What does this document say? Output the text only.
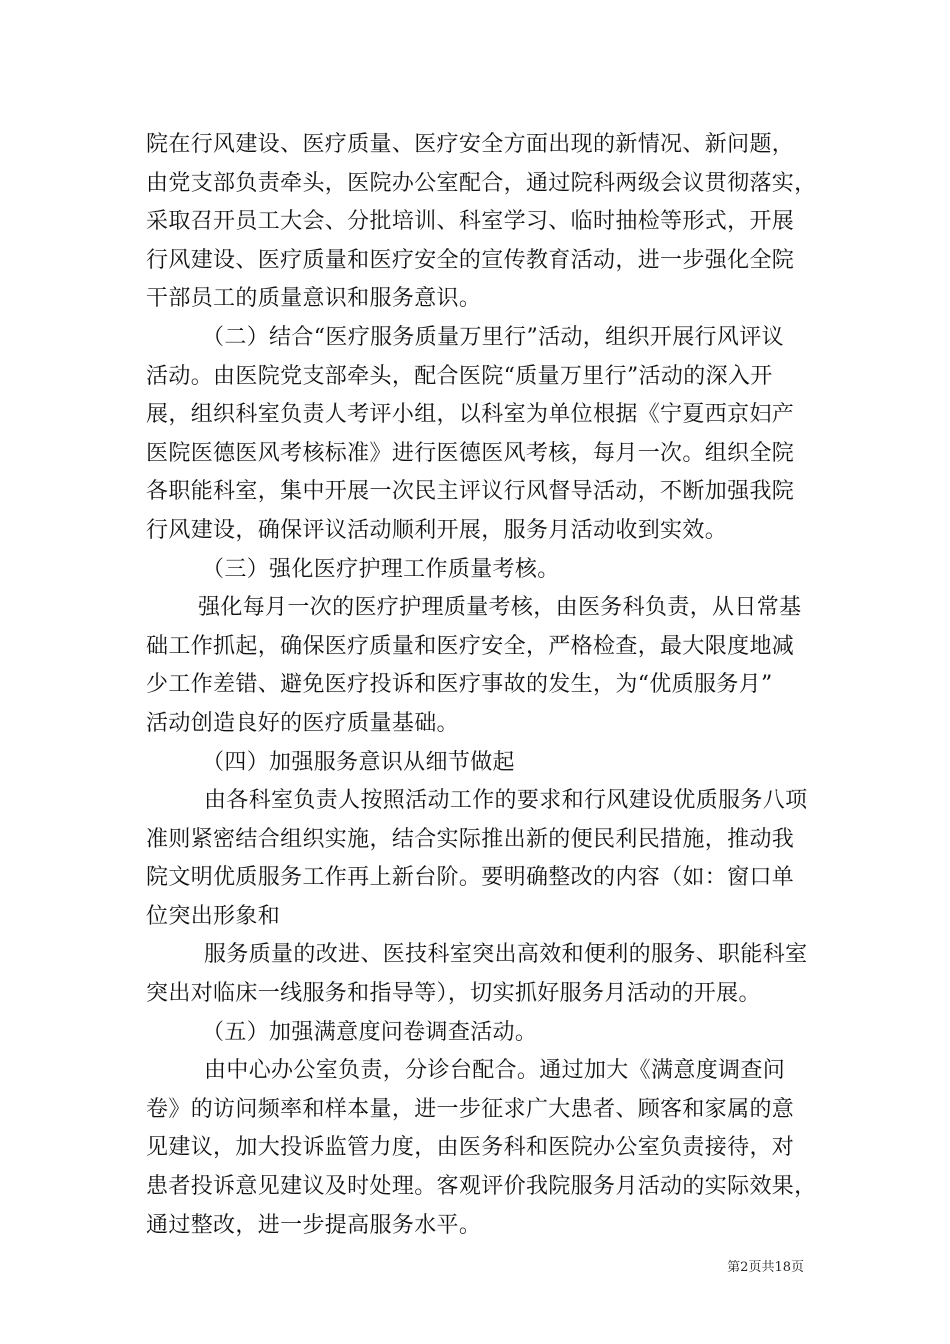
院在行风建设、医疗质量、医疗安全方面出现的新情况、新问题，
由党支部负责牵头，医院办公室配合，通过院科两级会议贯彻落实，
采取召开员工大会、分批培训、科室学习、临时抽检等形式，开展
行风建设、医疗质量和医疗安全的宣传教育活动，进一步强化全院
干部员工的质量意识和服务意识。
（二）结合“医疗服务质量万里行”活动，组织开展行风评议
活动。由医院党支部牵头，配合医院“质量万里行”活动的深入开
展，组织科室负责人考评小组，以科室为单位根据《宁夏西京妇产
医院医德医风考核标准》进行医德医风考核，每月一次。组织全院
各职能科室，集中开展一次民主评议行风督导活动，不断加强我院
行风建设，确保评议活动顺利开展，服务月活动收到实效。
（三）强化医疗护理工作质量考核。
强化每月一次的医疗护理质量考核，由医务科负责，从日常基
础工作抓起，确保医疗质量和医疗安全，严格检查，最大限度地减
少工作差错、避免医疗投诉和医疗事故的发生，为“优质服务月”
活动创造良好的医疗质量基础。
（四）加强服务意识从细节做起
由各科室负责人按照活动工作的要求和行风建设优质服务八项
准则紧密结合组织实施，结合实际推出新的便民利民措施，推动我
院文明优质服务工作再上新台阶。要明确整改的内容（如：窗口单
位突出形象和
服务质量的改进、医技科室突出高效和便利的服务、职能科室
突出对临床一线服务和指导等），切实抓好服务月活动的开展。
（五）加强满意度问卷调查活动。
由中心办公室负责，分诊台配合。通过加大《满意度调查问
卷》的访问频率和样本量，进一步征求广大患者、顾客和家属的意
见建议，加大投诉监管力度，由医务科和医院办公室负责接待，对
患者投诉意见建议及时处理。客观评价我院服务月活动的实际效果，
通过整改，进一步提高服务水平。
第2页共18页
